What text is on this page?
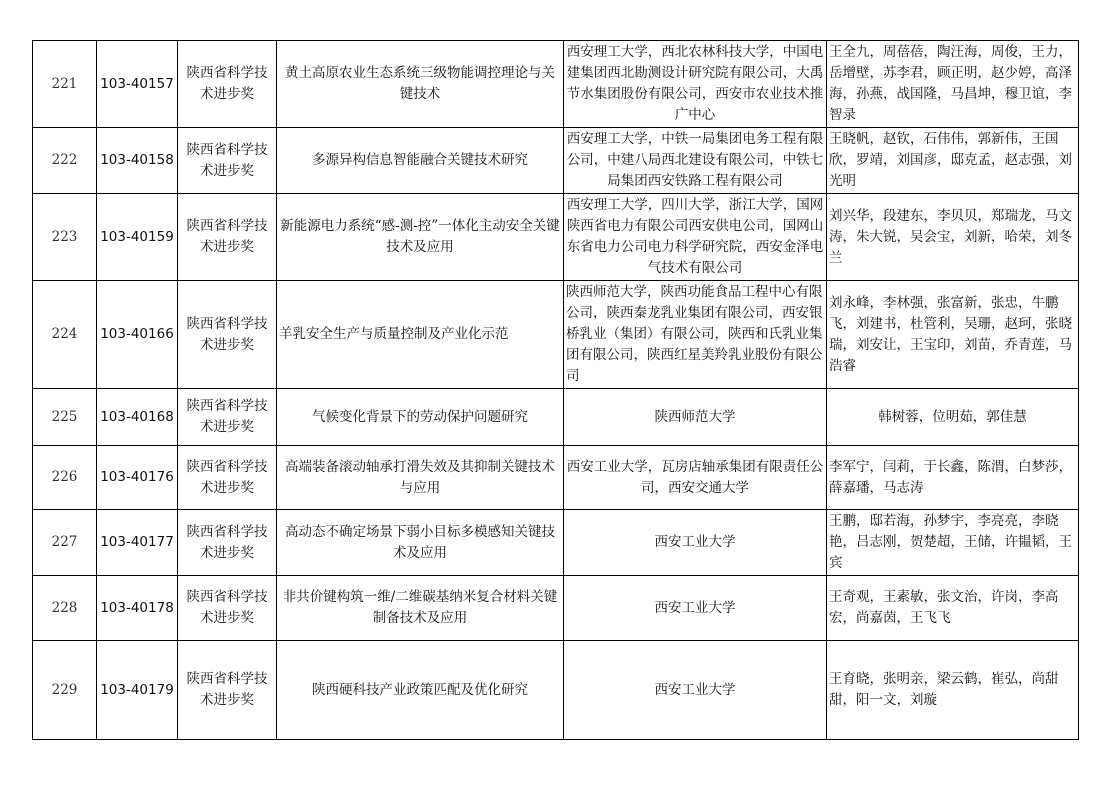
221	103-40157	陕西省科学技术进步奖	黄土高原农业生态系统三级物能调控理论与关键技术	西安理工大学，西北农林科技大学，中国电建集团西北勘测设计研究院有限公司，大禹节水集团股份有限公司，西安市农业技术推广中心	王全九，周蓓蓓，陶汪海，周俊，王力，岳增壁，苏李君，顾正明，赵少婷，高泽海，孙燕，战国隆，马昌坤，穆卫谊，李智录
222	103-40158	陕西省科学技术进步奖	多源异构信息智能融合关键技术研究	西安理工大学，中铁一局集团电务工程有限公司，中建八局西北建设有限公司，中铁七局集团西安铁路工程有限公司	王晓帆，赵钦，石伟伟，郭新伟，王国欣，罗靖，刘国彦，邸克孟，赵志强，刘光明
223	103-40159	陕西省科学技术进步奖	新能源电力系统“感-测-控”一体化主动安全关键技术及应用	西安理工大学，四川大学，浙江大学，国网陕西省电力有限公司西安供电公司，国网山东省电力公司电力科学研究院，西安金泽电气技术有限公司	刘兴华，段建东，李贝贝，郑瑞龙，马文涛，朱大锐，吴会宝，刘新，哈荣，刘冬兰
224	103-40166	陕西省科学技术进步奖	羊乳安全生产与质量控制及产业化示范	陕西师范大学，陕西功能食品工程中心有限公司，陕西秦龙乳业集团有限公司，西安银桥乳业（集团）有限公司，陕西和氏乳业集团有限公司，陕西红星美羚乳业股份有限公司	刘永峰，李林强，张富新，张忠，牛鹏飞，刘建书，杜管利，吴珊，赵珂，张晓瑞，刘安让，王宝印，刘苗，乔青莲，马浩睿
225	103-40168	陕西省科学技术进步奖	气候变化背景下的劳动保护问题研究	陕西师范大学	韩树蓉，位明茹，郭佳慧
226	103-40176	陕西省科学技术进步奖	高端装备滚动轴承打滑失效及其抑制关键技术与应用	西安工业大学，瓦房店轴承集团有限责任公司，西安交通大学	李军宁，闫莉，于长鑫，陈渭，白梦莎，薛嘉璠，马志涛
227	103-40177	陕西省科学技术进步奖	高动态不确定场景下弱小目标多模感知关键技术及应用	西安工业大学	王鹏，邸若海，孙梦宇，李亮亮，李晓艳，吕志刚，贺楚超，王储，许韫韬，王宾
228	103-40178	陕西省科学技术进步奖	非共价键构筑一维/二维碳基纳米复合材料关键制备技术及应用	西安工业大学	王奇观，王素敏，张文治，许岗，李高宏，尚嘉茵，王飞飞
229	103-40179	陕西省科学技术进步奖	陕西硬科技产业政策匹配及优化研究	西安工业大学	王育晓，张明亲，梁云鹤，崔弘，尚甜甜，阳一文，刘璇
